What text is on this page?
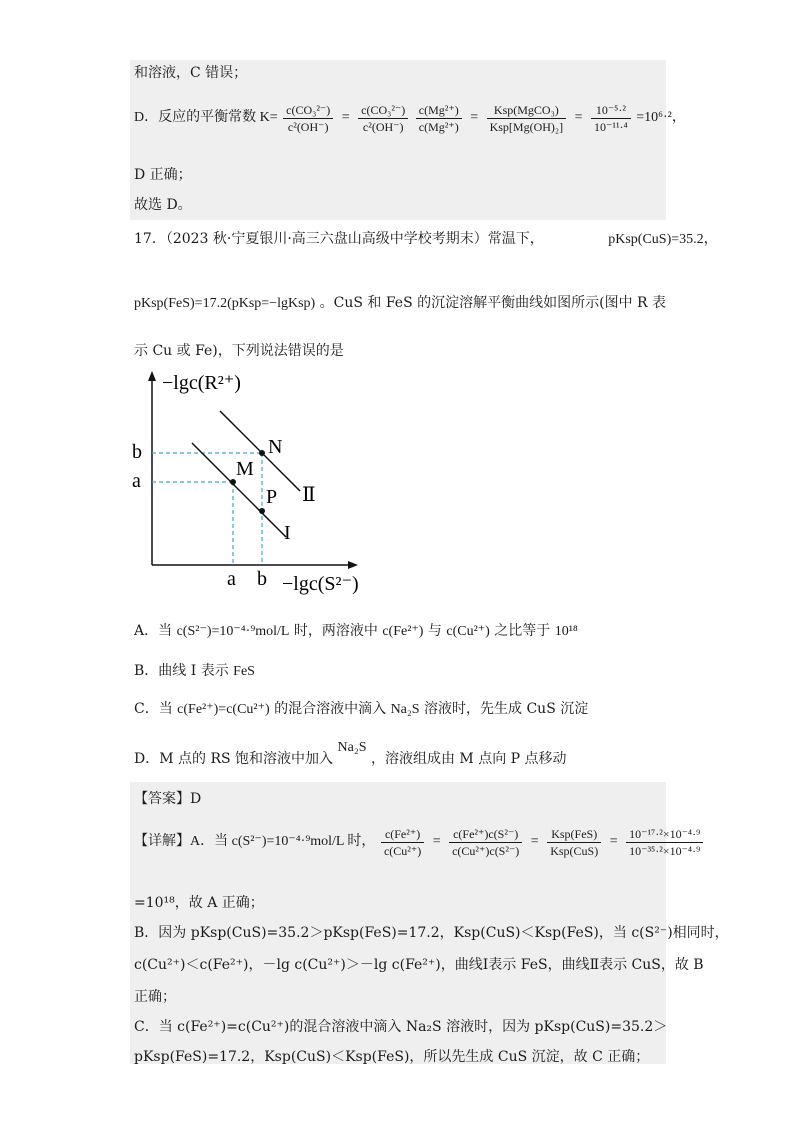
和溶液，C 错误；
D．反应的平衡常数 $K= \frac{\text{c(CO₃²⁻)}}{\text{c²(OH⁻)}} = \frac{\text{c(CO₃²⁻)}}{\text{c²(OH⁻)}}$
$\frac{\text{c(Mg²⁺)}}{\text{c(Mg²⁺)}} = \frac{\text{Ksp(MgCO₃)}}{\text{Ksp[Mg(OH)₂]}} = \frac{\text{10⁻⁵·²}}{\text{10⁻¹¹·⁴}} =10^6\cdot^2$，
D 正确；
故选 D。
17．（2023 秋·宁夏银川·高三六盘山高级中学校考期末）常温下，	pKsp(CuS)=35.2，
pKsp(FeS)=17.2(pKsp=−lgKsp) 。CuS 和 FeS 的沉淀溶解平衡曲线如图所示(图中 R 表
示 Cu 或 Fe)，下列说法错误的是
−lgc(R²⁺)
b
a
a b −lgc(S²⁻)
N
M
P
I
Ⅱ
A．当 c(S²⁻)=10⁻⁴·⁹mol/L 时，两溶液中 c(Fe²⁺) 与 c(Cu²⁺) 之比等于 10¹⁸
B．曲线 I 表示 FeS
C．当 c(Fe²⁺)=c(Cu²⁺) 的混合溶液中滴入 Na₂S 溶液时，先生成 CuS 沉淀
D．M 点的 RS 饱和溶液中加入 Na₂S ，溶液组成由 M 点向 P 点移动
【答案】D
【详解】A．当 c(S²⁻)=10⁻⁴·⁹mol/L 时， $\frac{\text{c(Fe²⁺)}}{\text{c(Cu²⁺)}} = \frac{\text{c(Fe²⁺)c(S²⁻)}}{\text{c(Cu²⁺)c(S²⁻)}} = \frac{\text{Ksp(FeS)}}{\text{Ksp(CuS)}} = \frac{\text{10⁻¹⁷·²×10⁻⁴·⁹}}{\text{10⁻³⁵·²×10⁻⁴·⁹}}$
=10¹⁸，故 A 正确；
B．因为 pKsp(CuS)=35.2＞pKsp(FeS)=17.2，Ksp(CuS)＜Ksp(FeS)，当 c(S²⁻)相同时，
c(Cu²⁺)＜c(Fe²⁺)，－lg c(Cu²⁺)＞－lg c(Fe²⁺)，曲线Ⅰ表示 FeS，曲线Ⅱ表示 CuS，故 B
正确；
C．当 c(Fe²⁺)=c(Cu²⁺)的混合溶液中滴入 Na₂S 溶液时，因为 pKsp(CuS)=35.2＞
pKsp(FeS)=17.2，Ksp(CuS)＜Ksp(FeS)，所以先生成 CuS 沉淀，故 C 正确；
